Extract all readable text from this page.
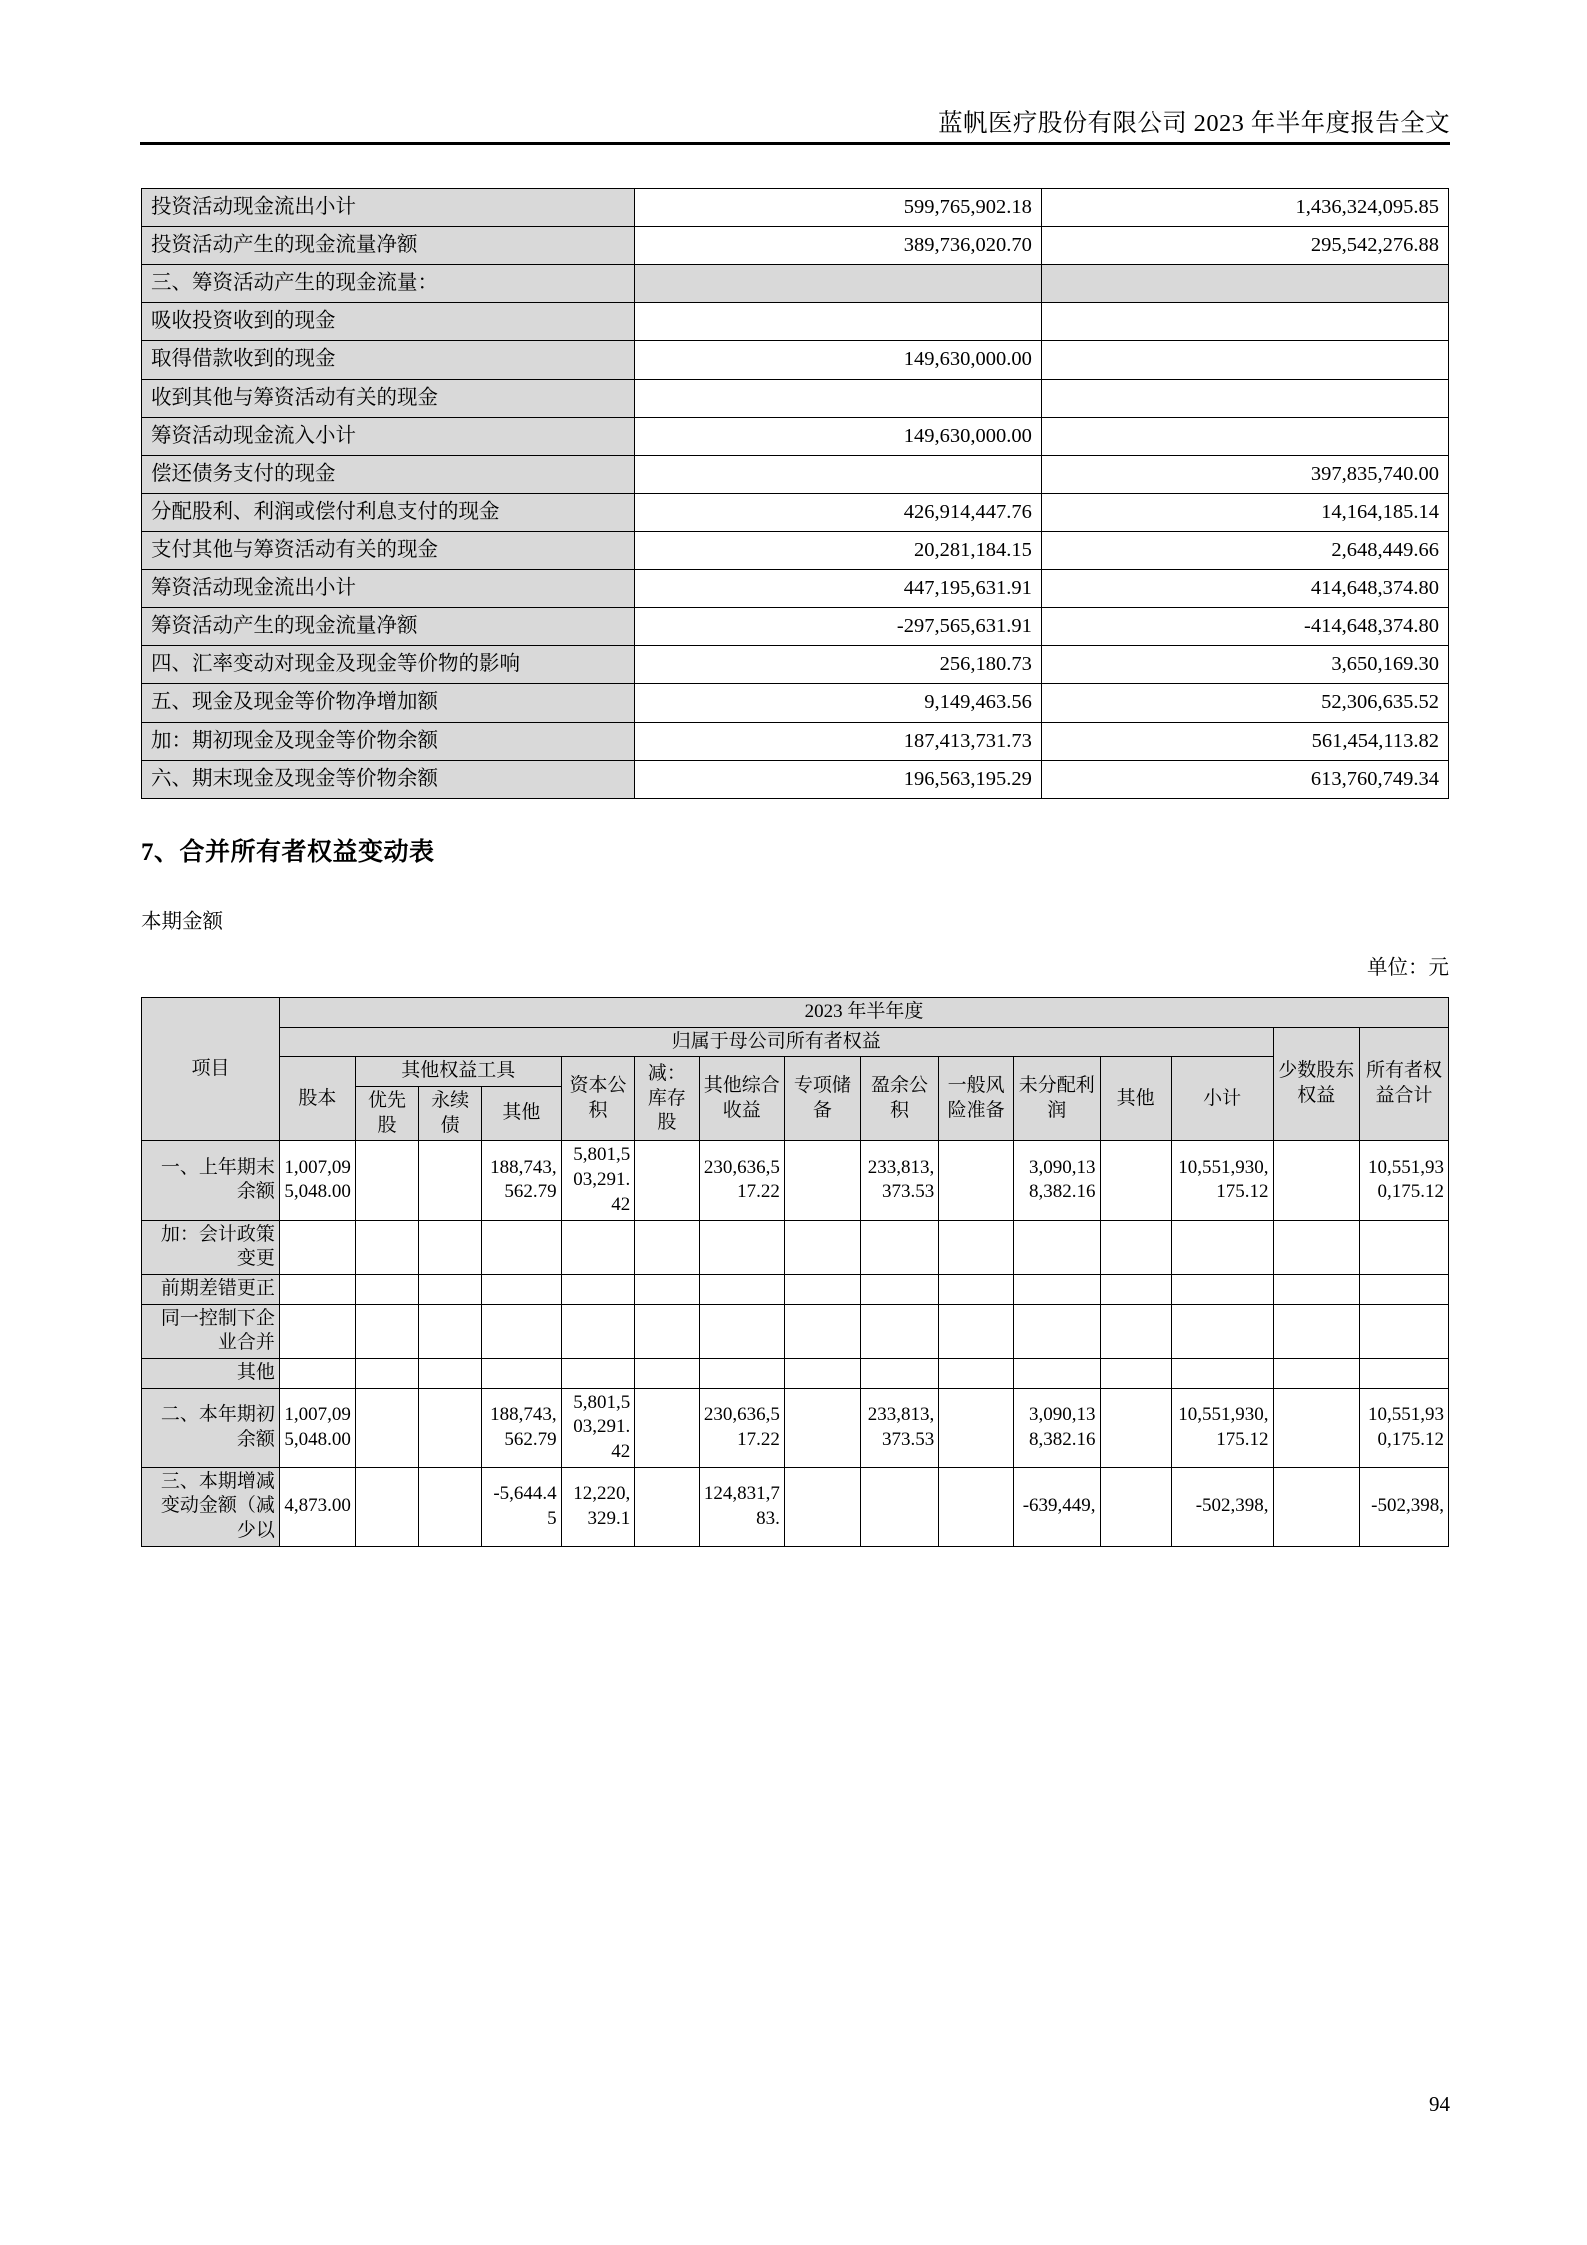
蓝帆医疗股份有限公司 2023 年半年度报告全文
投资活动现金流出小计	599,765,902.18	1,436,324,095.85
投资活动产生的现金流量净额	389,736,020.70	295,542,276.88
三、筹资活动产生的现金流量：		
吸收投资收到的现金		
取得借款收到的现金	149,630,000.00	
收到其他与筹资活动有关的现金		
筹资活动现金流入小计	149,630,000.00	
偿还债务支付的现金		397,835,740.00
分配股利、利润或偿付利息支付的现金	426,914,447.76	14,164,185.14
支付其他与筹资活动有关的现金	20,281,184.15	2,648,449.66
筹资活动现金流出小计	447,195,631.91	414,648,374.80
筹资活动产生的现金流量净额	-297,565,631.91	-414,648,374.80
四、汇率变动对现金及现金等价物的影响	256,180.73	3,650,169.30
五、现金及现金等价物净增加额	9,149,463.56	52,306,635.52
加：期初现金及现金等价物余额	187,413,731.73	561,454,113.82
六、期末现金及现金等价物余额	196,563,195.29	613,760,749.34
7、合并所有者权益变动表
本期金额
单位：元
项目	2023 年半年度														
	归属于母公司所有者权益													少数股东权益	所有者权益合计
	股本	其他权益工具			资本公积	减：库存股	其他综合收益	专项储备	盈余公积	一般风险准备	未分配利润	其他	小计		
		优先股	永续债	其他											
一、上年期末余额	1,007,095,048.00			188,743,562.79	5,801,503,291.42		230,636,517.22		233,813,373.53		3,090,138,382.16		10,551,930,175.12		10,551,930,175.12
加：会计政策变更															
前期差错更正															
同一控制下企业合并															
其他															
二、本年期初余额	1,007,095,048.00			188,743,562.79	5,801,503,291.42		230,636,517.22		233,813,373.53		3,090,138,382.16		10,551,930,175.12		10,551,930,175.12
三、本期增减变动金额（减少以	4,873.00			-5,644.45	12,220,329.1		124,831,783.				-639,449,		-502,398,		-502,398,
94
